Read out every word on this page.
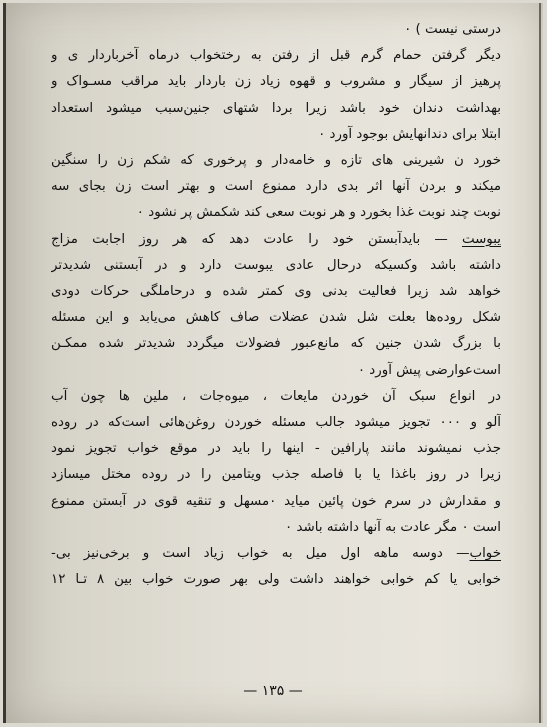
درستی نیست ) ۰
دیگر گرفتن حمام گرم قبل از رفتن به رختخواب درماه آخرباردار ی و
پرهیز از سیگار و مشروب و قهوه زیاد زن باردار باید مراقب مسـواک و
بهداشت دندان خود باشد زیرا بردا شتهای جنین‌سبب میشود استعداد
ابتلا برای دندانهایش بوجود آورد ۰
خورد ن شیرینی های تازه و خامه‌دار و پرخوری که شکم زن را سنگین
میکند و بردن آنها اثر بدی دارد ممنوع است و بهتر است زن بجای سه
نوبت چند نوبت غذا بخورد و هر نوبت سعی کند شکمش پر نشود ۰
یبوست — بایدآبستن خود را عادت دهد که هر روز اجابت مزاج
داشته باشد وکسیکه درحال عادی یبوست دارد و در آبستنی شدیدتر
خواهد شد زیرا فعالیت بدنی وی کمتر شده و درحاملگی حرکات دودی
شکل روده‌ها بعلت شل شدن عضلات صاف کاهش می‌یابد و این مسئله
با بزرگ شدن جنین که مانع‌عبور فضولات میگردد شدیدتر شده ممکـن
است‌عوارضی پیش آورد ۰
در انواع سبک آن خوردن مایعات ، میوه‌جات ، ملین ها چون آب
آلو و ۰۰۰ تجویز میشود جالب مسئله خوردن روغن‌هائی است‌که در روده
جذب نمیشوند مانند پارافین - اینها را باید در موقع خواب تجویز نمود
زیرا در روز باغذا یا با فاصله جذب ویتامین را در روده مختل میسازد
و مقدارش در سرم خون پائین میاید ۰مسهل و تنقیه قوی در آبستن ممنوع
است ۰ مگر عادت به آنها داشته باشد ۰
خواب— دوسه ماهه اول میل به خواب زیاد است و برخی‌نیز بی-
خوابی یا کم خوابی خواهند داشت ولی بهر صورت خواب بین ۸ تـا ۱۲
— ۱۳۵ —
